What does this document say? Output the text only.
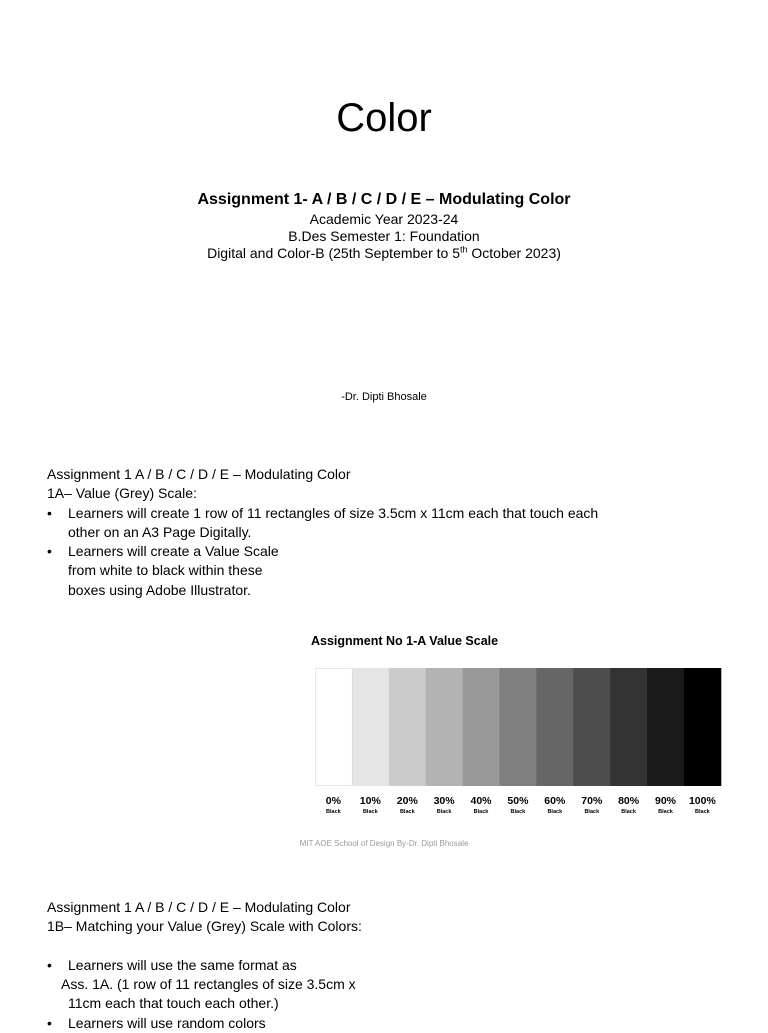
Color
Assignment 1- A / B / C / D / E – Modulating Color
Academic Year 2023-24
B.Des Semester 1: Foundation
Digital and Color-B (25th September to 5th October 2023)
-Dr. Dipti Bhosale
Assignment 1 A / B / C / D / E – Modulating Color
1A– Value (Grey) Scale:
• Learners will create 1 row of 11 rectangles of size 3.5cm x 11cm each that touch each
other on an A3 Page Digitally.
• Learners will create a Value Scale
from white to black within these
boxes using Adobe Illustrator.
Assignment No 1-A Value Scale
0%
Black
10%
Black
20%
Black
30%
Black
40%
Black
50%
Black
60%
Black
70%
Black
80%
Black
90%
Black
100%
Black
MIT AOE School of Design By-Dr. Dipti Bhosale
Assignment 1 A / B / C / D / E – Modulating Color
1B– Matching your Value (Grey) Scale with Colors:

• Learners will use the same format as
Ass. 1A. (1 row of 11 rectangles of size 3.5cm x
11cm each that touch each other.)
• Learners will use random colors
